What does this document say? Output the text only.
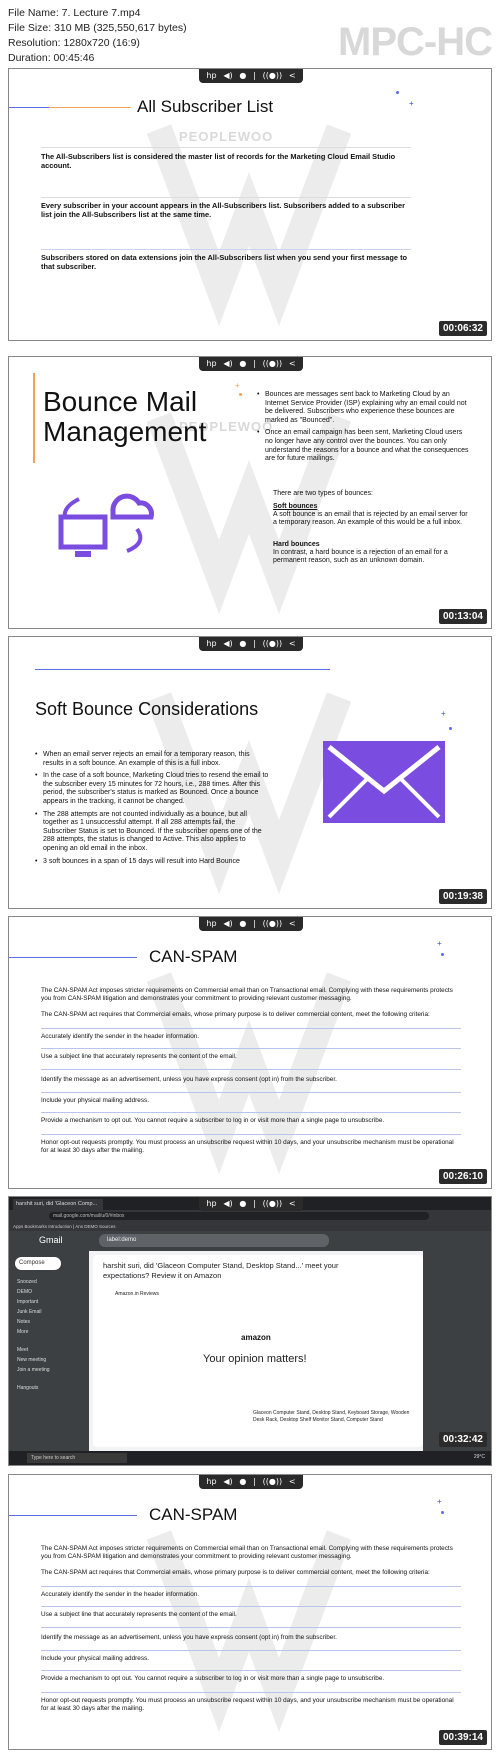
File Name: 7. Lecture 7.mp4
File Size: 310 MB (325,550,617 bytes)
Resolution: 1280x720 (16:9)
Duration: 00:45:46	MPC-HC
hp ◀) ● | ((●)) <
PEOPLEWOO
All Subscriber List	+
The All-Subscribers list is considered the master list of records for the Marketing Cloud Email Studio account.
Every subscriber in your account appears in the All-Subscribers list. Subscribers added to a subscriber list join the All-Subscribers list at the same time.
Subscribers stored on data extensions join the All-Subscribers list when you send your first message to that subscriber.
00:06:32
hp ◀) ● | ((●)) <
PEOPLEWOO
Bounce Mail Management
+
• Bounces are messages sent back to Marketing Cloud by an Internet Service Provider (ISP) explaining why an email could not be delivered. Subscribers who experience these bounces are marked as "Bounced".
• Once an email campaign has been sent, Marketing Cloud users no longer have any control over the bounces. You can only understand the reasons for a bounce and what the consequences are for future mailings.
There are two types of bounces:
Soft bounces
A soft bounce is an email that is rejected by an email server for a temporary reason. An example of this would be a full inbox.
Hard bounces
In contrast, a hard bounce is a rejection of an email for a permanent reason, such as an unknown domain.
00:13:04
hp ◀) ● | ((●)) <
Soft Bounce Considerations	+
• When an email server rejects an email for a temporary reason, this results in a soft bounce. An example of this is a full inbox.
• In the case of a soft bounce, Marketing Cloud tries to resend the email to the subscriber every 15 minutes for 72 hours, i.e., 288 times. After this period, the subscriber's status is marked as Bounced. Once a bounce appears in the tracking, it cannot be changed.
• The 288 attempts are not counted individually as a bounce, but all together as 1 unsuccessful attempt. If all 288 attempts fail, the Subscriber Status is set to Bounced. If the subscriber opens one of the 288 attempts, the status is changed to Active. This also applies to opening an old email in the inbox.
• 3 soft bounces in a span of 15 days will result into Hard Bounce
00:19:38
hp ◀) ● | ((●)) <
CAN-SPAM
+
The CAN-SPAM Act imposes stricter requirements on Commercial email than on Transactional email. Complying with these requirements protects you from CAN-SPAM litigation and demonstrates your commitment to providing relevant customer messaging.
The CAN-SPAM act requires that Commercial emails, whose primary purpose is to deliver commercial content, meet the following criteria:
Accurately identify the sender in the header information.
Use a subject line that accurately represents the content of the email.
Identify the message as an advertisement, unless you have express consent (opt in) from the subscriber.
Include your physical mailing address.
Provide a mechanism to opt out. You cannot require a subscriber to log in or visit more than a single page to unsubscribe.
Honor opt-out requests promptly. You must process an unsubscribe request within 10 days, and your unsubscribe mechanism must be operational for at least 30 days after the mailing.
00:26:10
harshit suri, did 'Glaceon Comp...
mail.google.com/mail/u/0/#inbox
Apps Bookmarks Introduction | Ans DEMO Sources
Gmail	label:demo
Compose
Snoozed
DEMO
Important
Junk Email
Notes
More
Meet
New meeting
Join a meeting
Hangouts
harshit suri, did 'Glaceon Computer Stand, Desktop Stand...' meet your expectations? Review it on Amazon
Amazon.in Reviews
amazon
Your opinion matters!
Glaceon Computer Stand, Desktop Stand, Keyboard Storage, Wooden Desk Rack, Desktop Shelf Monitor Stand, Computer Stand
Type here to search	29°C
hp ◀) ● | ((●)) <
00:32:42
hp ◀) ● | ((●)) <
CAN-SPAM
+
The CAN-SPAM Act imposes stricter requirements on Commercial email than on Transactional email. Complying with these requirements protects you from CAN-SPAM litigation and demonstrates your commitment to providing relevant customer messaging.
The CAN-SPAM act requires that Commercial emails, whose primary purpose is to deliver commercial content, meet the following criteria:
Accurately identify the sender in the header information.
Use a subject line that accurately represents the content of the email.
Identify the message as an advertisement, unless you have express consent (opt in) from the subscriber.
Include your physical mailing address.
Provide a mechanism to opt out. You cannot require a subscriber to log in or visit more than a single page to unsubscribe.
Honor opt-out requests promptly. You must process an unsubscribe request within 10 days, and your unsubscribe mechanism must be operational for at least 30 days after the mailing.
00:39:14
